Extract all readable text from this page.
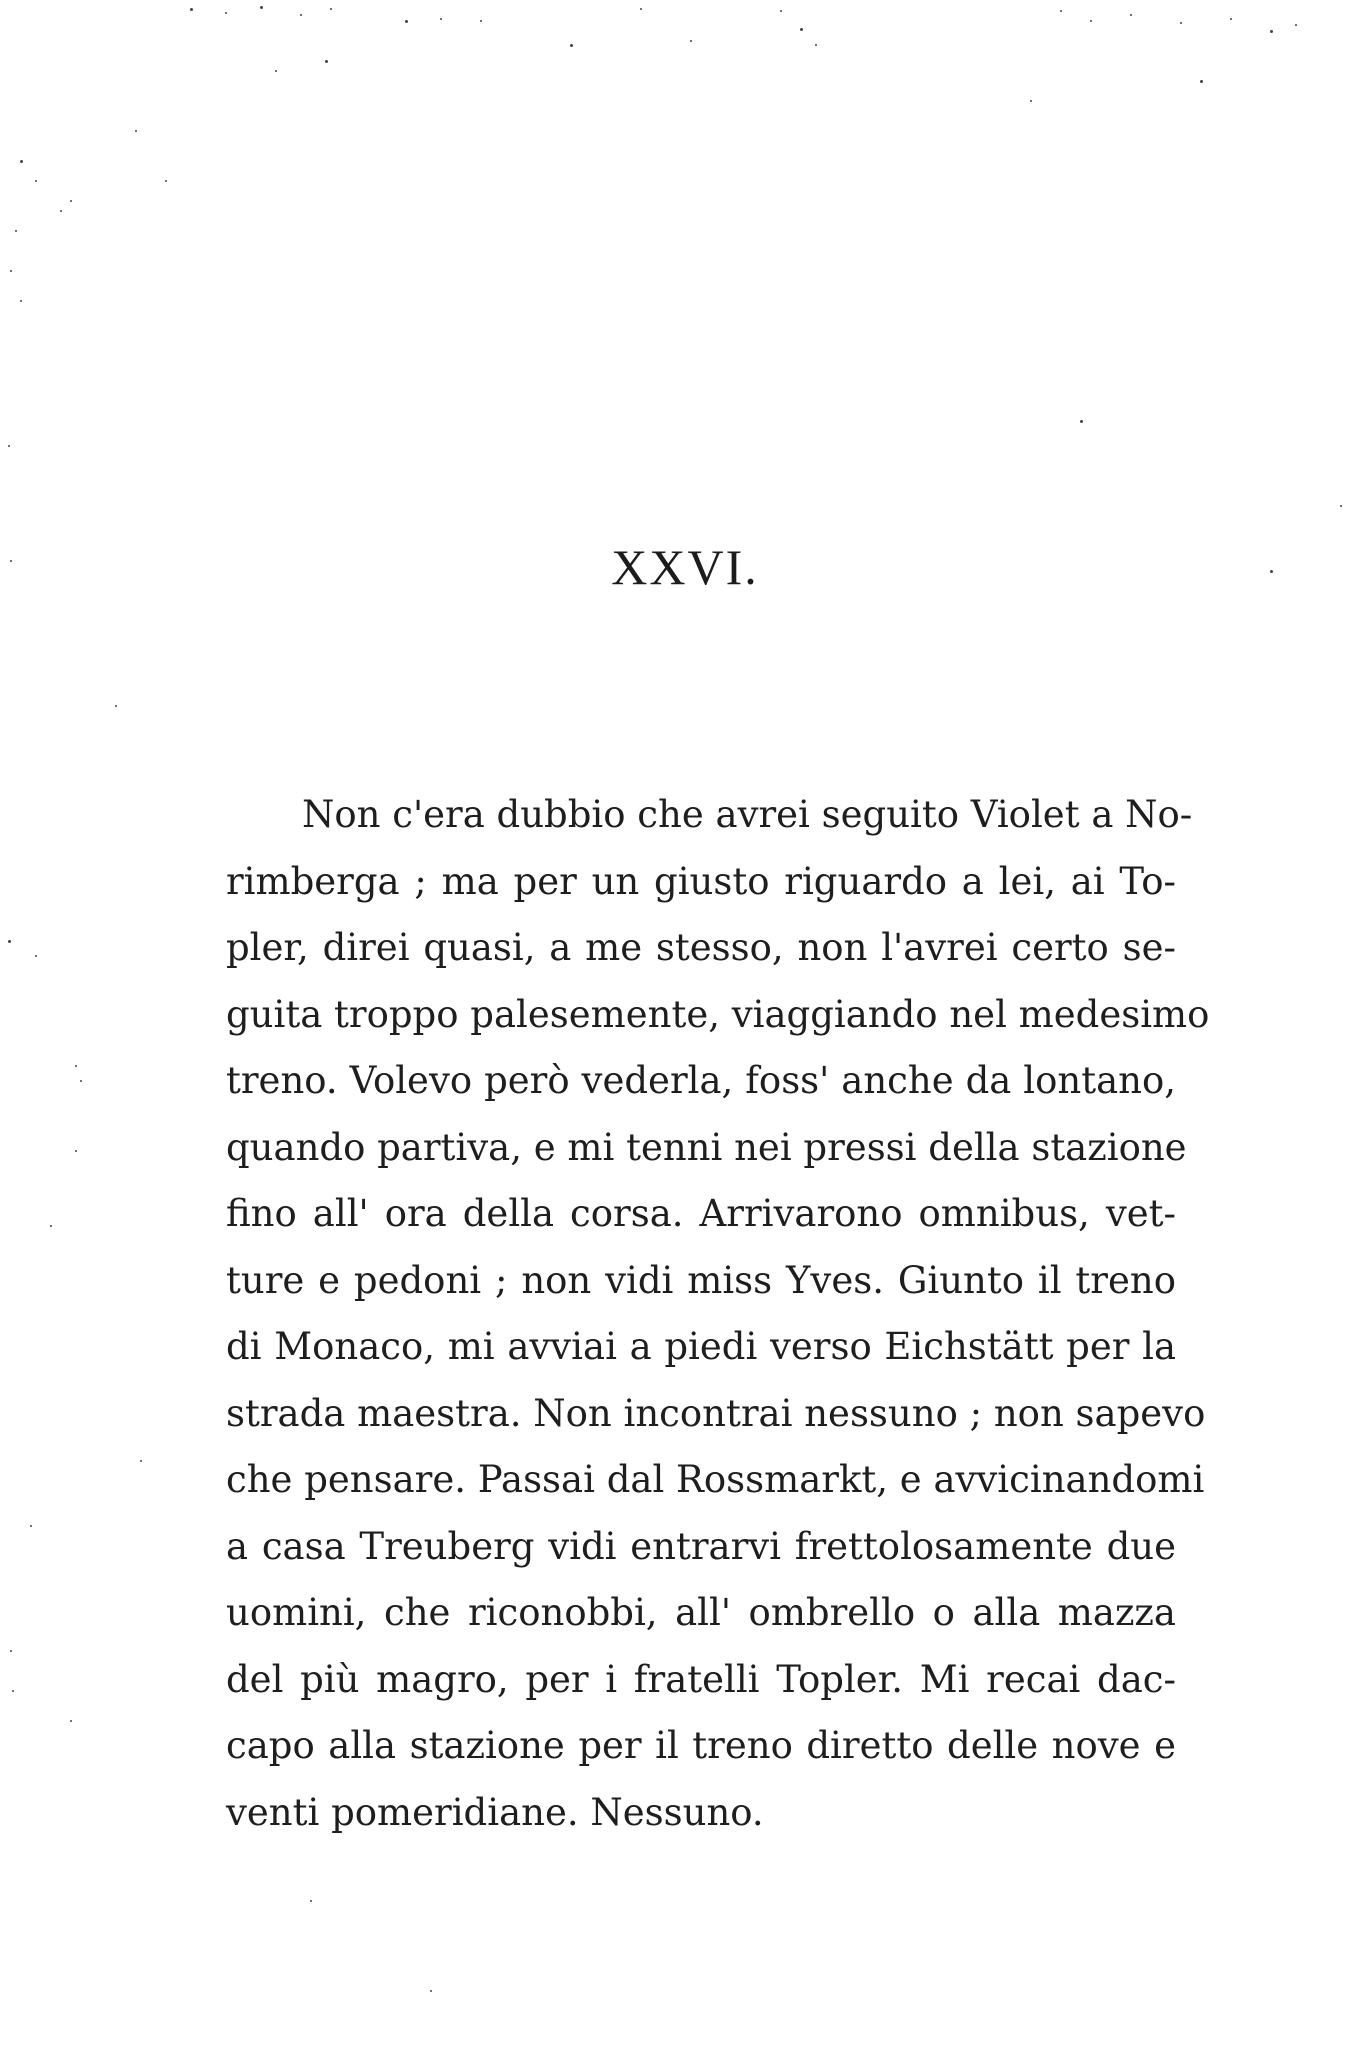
XXVI.
Non c'era dubbio che avrei seguito Violet a No-
rimberga ; ma per un giusto riguardo a lei, ai To-
pler, direi quasi, a me stesso, non l'avrei certo se-
guita troppo palesemente, viaggiando nel medesimo
treno. Volevo però vederla, foss' anche da lontano,
quando partiva, e mi tenni nei pressi della stazione
fino all' ora della corsa. Arrivarono omnibus, vet-
ture e pedoni ; non vidi miss Yves. Giunto il treno
di Monaco, mi avviai a piedi verso Eichstätt per la
strada maestra. Non incontrai nessuno ; non sapevo
che pensare. Passai dal Rossmarkt, e avvicinandomi
a casa Treuberg vidi entrarvi frettolosamente due
uomini, che riconobbi, all' ombrello o alla mazza
del più magro, per i fratelli Topler. Mi recai dac-
capo alla stazione per il treno diretto delle nove e
venti pomeridiane. Nessuno.
